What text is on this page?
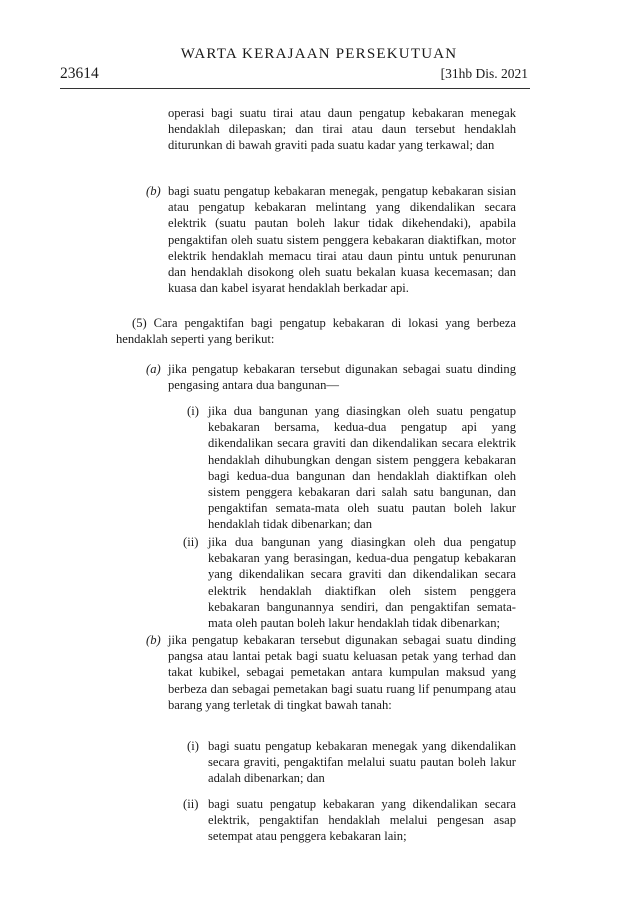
WARTA KERAJAAN PERSEKUTUAN
23614	[31hb Dis. 2021

operasi bagi suatu tirai atau daun pengatup kebakaran menegak hendaklah dilepaskan; dan tirai atau daun tersebut hendaklah diturunkan di bawah graviti pada suatu kadar yang terkawal; dan

(b) bagi suatu pengatup kebakaran menegak, pengatup kebakaran sisian atau pengatup kebakaran melintang yang dikendalikan secara elektrik (suatu pautan boleh lakur tidak dikehendaki), apabila pengaktifan oleh suatu sistem penggera kebakaran diaktifkan, motor elektrik hendaklah memacu tirai atau daun pintu untuk penurunan dan hendaklah disokong oleh suatu bekalan kuasa kecemasan; dan kuasa dan kabel isyarat hendaklah berkadar api.

(5) Cara pengaktifan bagi pengatup kebakaran di lokasi yang berbeza hendaklah seperti yang berikut:

(a) jika pengatup kebakaran tersebut digunakan sebagai suatu dinding pengasing antara dua bangunan—

(i) jika dua bangunan yang diasingkan oleh suatu pengatup kebakaran bersama, kedua-dua pengatup api yang dikendalikan secara graviti dan dikendalikan secara elektrik hendaklah dihubungkan dengan sistem penggera kebakaran bagi kedua-dua bangunan dan hendaklah diaktifkan oleh sistem penggera kebakaran dari salah satu bangunan, dan pengaktifan semata-mata oleh suatu pautan boleh lakur hendaklah tidak dibenarkan; dan

(ii) jika dua bangunan yang diasingkan oleh dua pengatup kebakaran yang berasingan, kedua-dua pengatup kebakaran yang dikendalikan secara graviti dan dikendalikan secara elektrik hendaklah diaktifkan oleh sistem penggera kebakaran bangunannya sendiri, dan pengaktifan semata-mata oleh pautan boleh lakur hendaklah tidak dibenarkan;

(b) jika pengatup kebakaran tersebut digunakan sebagai suatu dinding pangsa atau lantai petak bagi suatu keluasan petak yang terhad dan takat kubikel, sebagai pemetakan antara kumpulan maksud yang berbeza dan sebagai pemetakan bagi suatu ruang lif penumpang atau barang yang terletak di tingkat bawah tanah:

(i) bagi suatu pengatup kebakaran menegak yang dikendalikan secara graviti, pengaktifan melalui suatu pautan boleh lakur adalah dibenarkan; dan

(ii) bagi suatu pengatup kebakaran yang dikendalikan secara elektrik, pengaktifan hendaklah melalui pengesan asap setempat atau penggera kebakaran lain;
